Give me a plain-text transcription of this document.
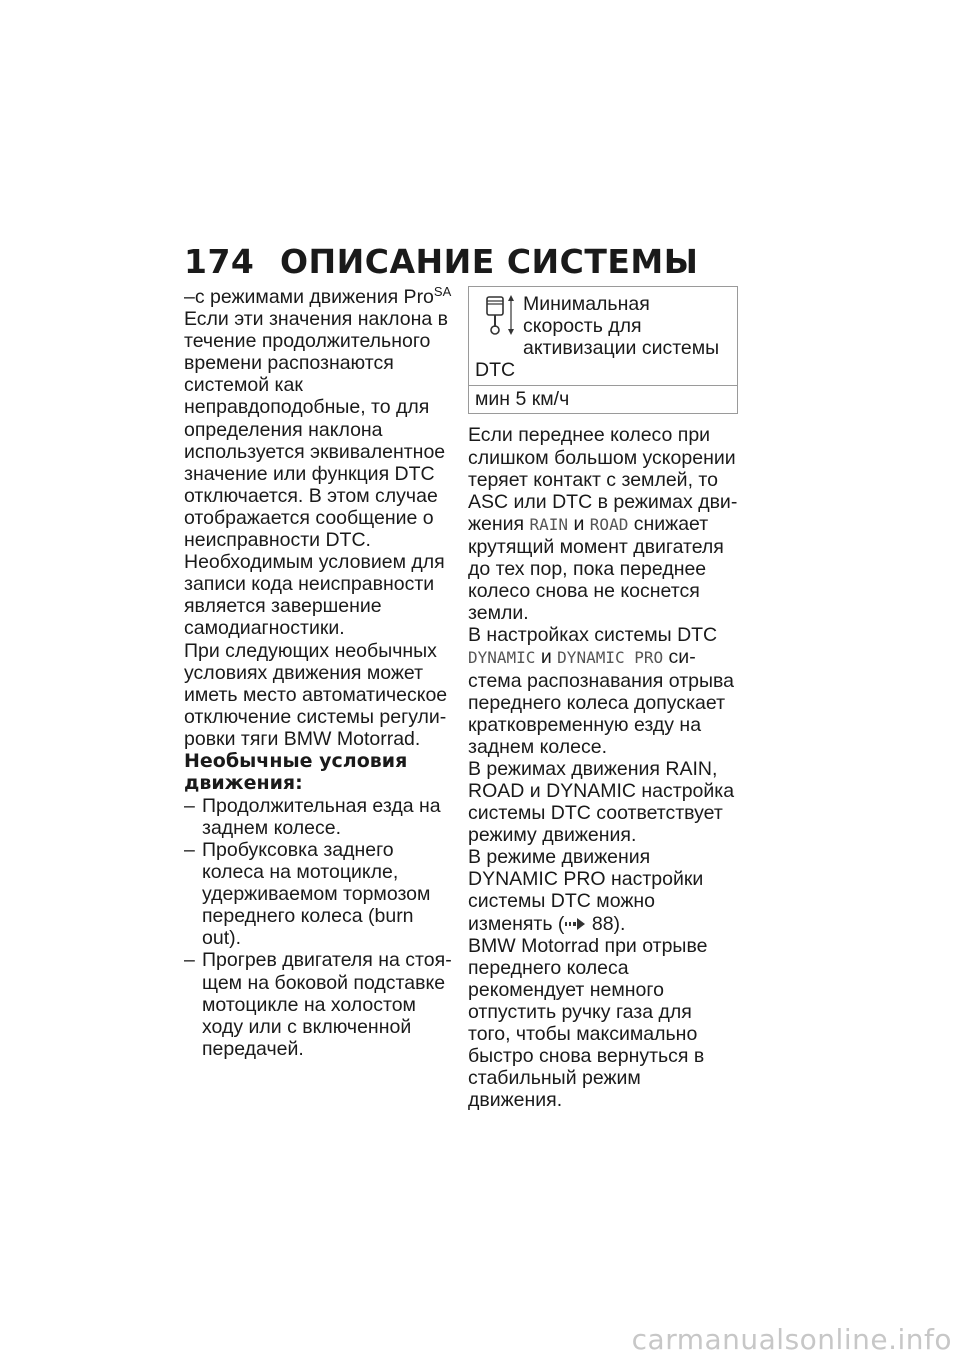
174 ОПИСАНИЕ СИСТЕМЫ

–с режимами движения Pro$^{SA}$

Если эти значения наклона в течение продолжительного времени распознаются системой как неправдоподобные, то для определения наклона используется эквивалентное значение или функция DTC отключается. В этом случае отображается сообщение о неисправности DTC. Необходимым условием для записи кода неисправности является завершение самодиагностики.

При следующих необычных условиях движения может иметь место автоматическое отключение системы регулировки тяги BMW Motorrad.

Необычные условия движения:

– Продолжительная езда на заднем колесе.

– Пробуксовка заднего колеса на мотоцикле, удерживаемом тормозом переднего колеса (burn out).

– Прогрев двигателя на стоящем на боковой подставке мотоцикле на холостом ходу или с включенной передачей.

Минимальная скорость для активизации системы DTC
мин 5 км/ч

Если переднее колесо при слишком большом ускорении теряет контакт с землей, то ASC или DTC в режимах движения RAIN и ROAD снижает крутящий момент двигателя до тех пор, пока переднее колесо снова не коснется земли.

В настройках системы DTC DYNAMIC и DYNAMIC PRO система распознавания отрыва переднего колеса допускает кратковременную езду на заднем колесе.

В режимах движения RAIN, ROAD и DYNAMIC настройка системы DTC соответствует режиму движения.

В режиме движения DYNAMIC PRO настройки системы DTC можно изменять ( 88).

BMW Motorrad при отрыве переднего колеса рекомендует немного отпустить ручку газа для того, чтобы максимально быстро снова вернуться в стабильный режим движения.

carmanualsonline.info
